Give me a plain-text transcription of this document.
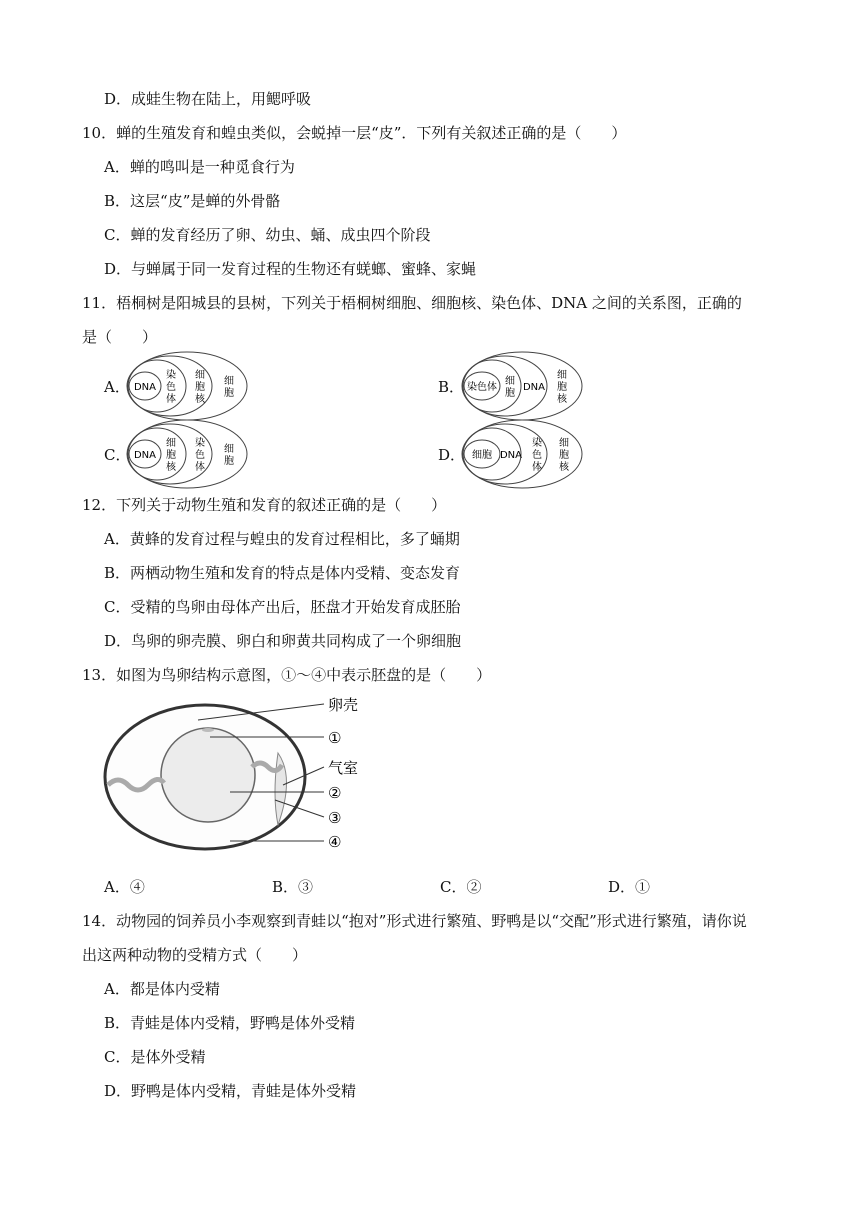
D．成蛙生物在陆上，用鳃呼吸
10．蝉的生殖发育和蝗虫类似，会蜕掉一层“皮”．下列有关叙述正确的是（　　）
A．蝉的鸣叫是一种觅食行为
B．这层“皮”是蝉的外骨骼
C．蝉的发育经历了卵、幼虫、蛹、成虫四个阶段
D．与蝉属于同一发育过程的生物还有蜣螂、蜜蜂、家蝇
11．梧桐树是阳城县的县树，下列关于梧桐树细胞、细胞核、染色体、DNA 之间的关系图，正确的
是（　　）
A．	B．
C．	D．
DNA
染
色
体
细
胞
核
细
胞
染色体
细
胞
DNA
细
胞
核
DNA
细
胞
核
染
色
体
细
胞
细胞 DNA
染
色
体
细
胞
核
12．下列关于动物生殖和发育的叙述正确的是（　　）
A．黄蜂的发育过程与蝗虫的发育过程相比，多了蛹期
B．两栖动物生殖和发育的特点是体内受精、变态发育
C．受精的鸟卵由母体产出后，胚盘才开始发育成胚胎
D．鸟卵的卵壳膜、卵白和卵黄共同构成了一个卵细胞
13．如图为鸟卵结构示意图，①～④中表示胚盘的是（　　）
卵壳
①
气室
②
③
④
A．④	B．③	C．②	D．①
14．动物园的饲养员小李观察到青蛙以“抱对”形式进行繁殖、野鸭是以“交配”形式进行繁殖，请你说
出这两种动物的受精方式（　　）
A．都是体内受精
B．青蛙是体内受精，野鸭是体外受精
C．是体外受精
D．野鸭是体内受精，青蛙是体外受精
